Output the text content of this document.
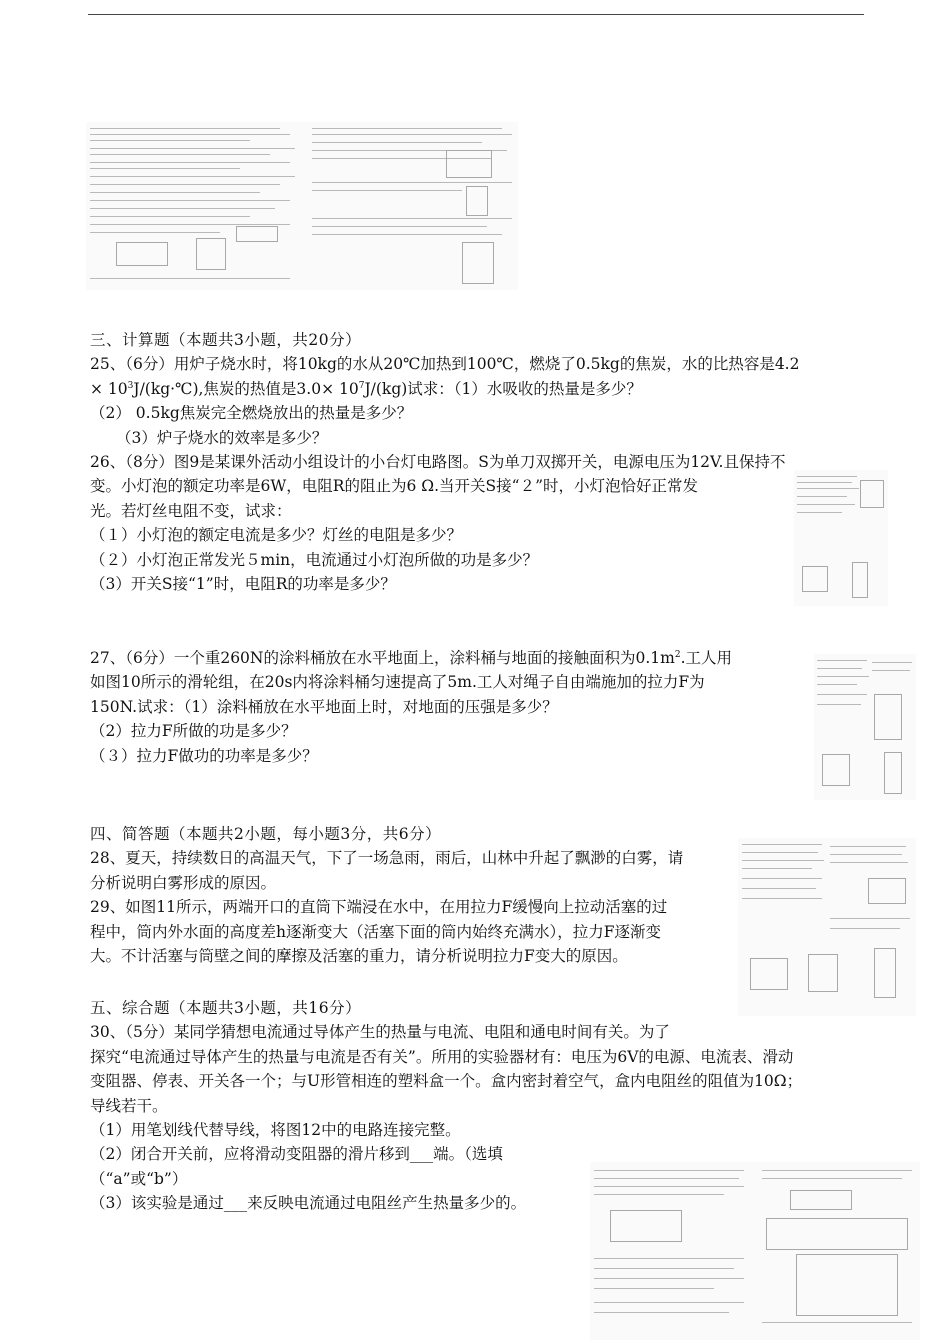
三、计算题（本题共3小题，共20分）

25、（6分）用炉子烧水时，将10kg的水从20℃加热到100℃，燃烧了0.5kg的焦炭，水的比热容是4.2

× $10^3J/(kg\cdot℃)$,焦炭的热值是$3.0\times 10^7J/(kg)$试求：（1）水吸收的热量是多少？

（2） 0.5kg焦炭完全燃烧放出的热量是多少？

（3）炉子烧水的效率是多少？

26、（8分）图9是某课外活动小组设计的小台灯电路图。S为单刀双掷开关，电源电压为12V.且保持不

变。小灯泡的额定功率是6W，电阻R的阻止为6 Ω.当开关S接“２”时，小灯泡恰好正常发

光。若灯丝电阻不变，试求：

（１）小灯泡的额定电流是多少？灯丝的电阻是多少？

（２）小灯泡正常发光５min，电流通过小灯泡所做的功是多少？

（3）开关S接“1”时，电阻R的功率是多少？

27、（6分）一个重260N的涂料桶放在水平地面上，涂料桶与地面的接触面积为$0.1m^2$.工人用

如图10所示的滑轮组，在20s内将涂料桶匀速提高了5m.工人对绳子自由端施加的拉力F为

150N.试求：（1）涂料桶放在水平地面上时，对地面的压强是多少？

（2）拉力F所做的功是多少？

（３）拉力F做功的功率是多少？

四、简答题（本题共2小题，每小题3分，共6分）

28、夏天，持续数日的高温天气，下了一场急雨，雨后，山林中升起了飘渺的白雾，请

分析说明白雾形成的原因。

29、如图11所示，两端开口的直筒下端浸在水中，在用拉力F缓慢向上拉动活塞的过

程中，筒内外水面的高度差h逐渐变大（活塞下面的筒内始终充满水），拉力F逐渐变

大。不计活塞与筒壁之间的摩擦及活塞的重力，请分析说明拉力F变大的原因。

五、综合题（本题共3小题，共16分）

30、（5分）某同学猜想电流通过导体产生的热量与电流、电阻和通电时间有关。为了

探究“电流通过导体产生的热量与电流是否有关”。所用的实验器材有：电压为6V的电源、电流表、滑动

变阻器、停表、开关各一个；与U形管相连的塑料盒一个。盒内密封着空气，盒内电阻丝的阻值为10Ω；

导线若干。

（1）用笔划线代替导线，将图12中的电路连接完整。

（2）闭合开关前，应将滑动变阻器的滑片移到___端。（选填

（“a”或“b”）

（3）该实验是通过___来反映电流通过电阻丝产生热量多少的。
